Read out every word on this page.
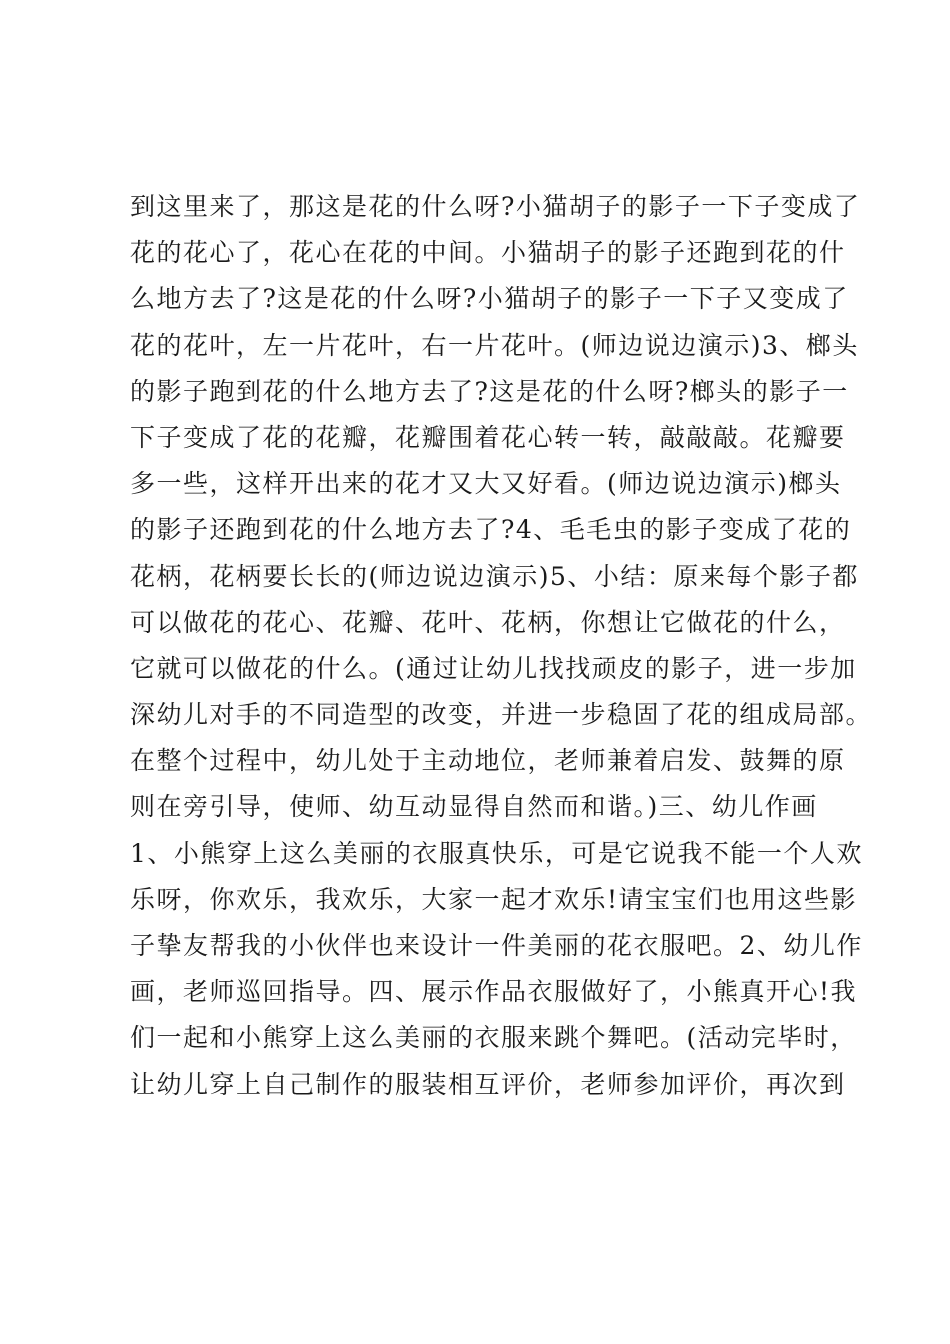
到这里来了，那这是花的什么呀?小猫胡子的影子一下子变成了
花的花心了，花心在花的中间。小猫胡子的影子还跑到花的什
么地方去了?这是花的什么呀?小猫胡子的影子一下子又变成了
花的花叶，左一片花叶，右一片花叶。(师边说边演示)3、榔头
的影子跑到花的什么地方去了?这是花的什么呀?榔头的影子一
下子变成了花的花瓣，花瓣围着花心转一转，敲敲敲。花瓣要
多一些，这样开出来的花才又大又好看。(师边说边演示)榔头
的影子还跑到花的什么地方去了?4、毛毛虫的影子变成了花的
花柄，花柄要长长的(师边说边演示)5、小结：原来每个影子都
可以做花的花心、花瓣、花叶、花柄，你想让它做花的什么，
它就可以做花的什么。(通过让幼儿找找顽皮的影子，进一步加
深幼儿对手的不同造型的改变，并进一步稳固了花的组成局部。
在整个过程中，幼儿处于主动地位，老师兼着启发、鼓舞的原
则在旁引导，使师、幼互动显得自然而和谐。)三、幼儿作画
1、小熊穿上这么美丽的衣服真快乐，可是它说我不能一个人欢
乐呀，你欢乐，我欢乐，大家一起才欢乐!请宝宝们也用这些影
子挚友帮我的小伙伴也来设计一件美丽的花衣服吧。2、幼儿作
画，老师巡回指导。四、展示作品衣服做好了，小熊真开心!我
们一起和小熊穿上这么美丽的衣服来跳个舞吧。(活动完毕时，
让幼儿穿上自己制作的服装相互评价，老师参加评价，再次到
